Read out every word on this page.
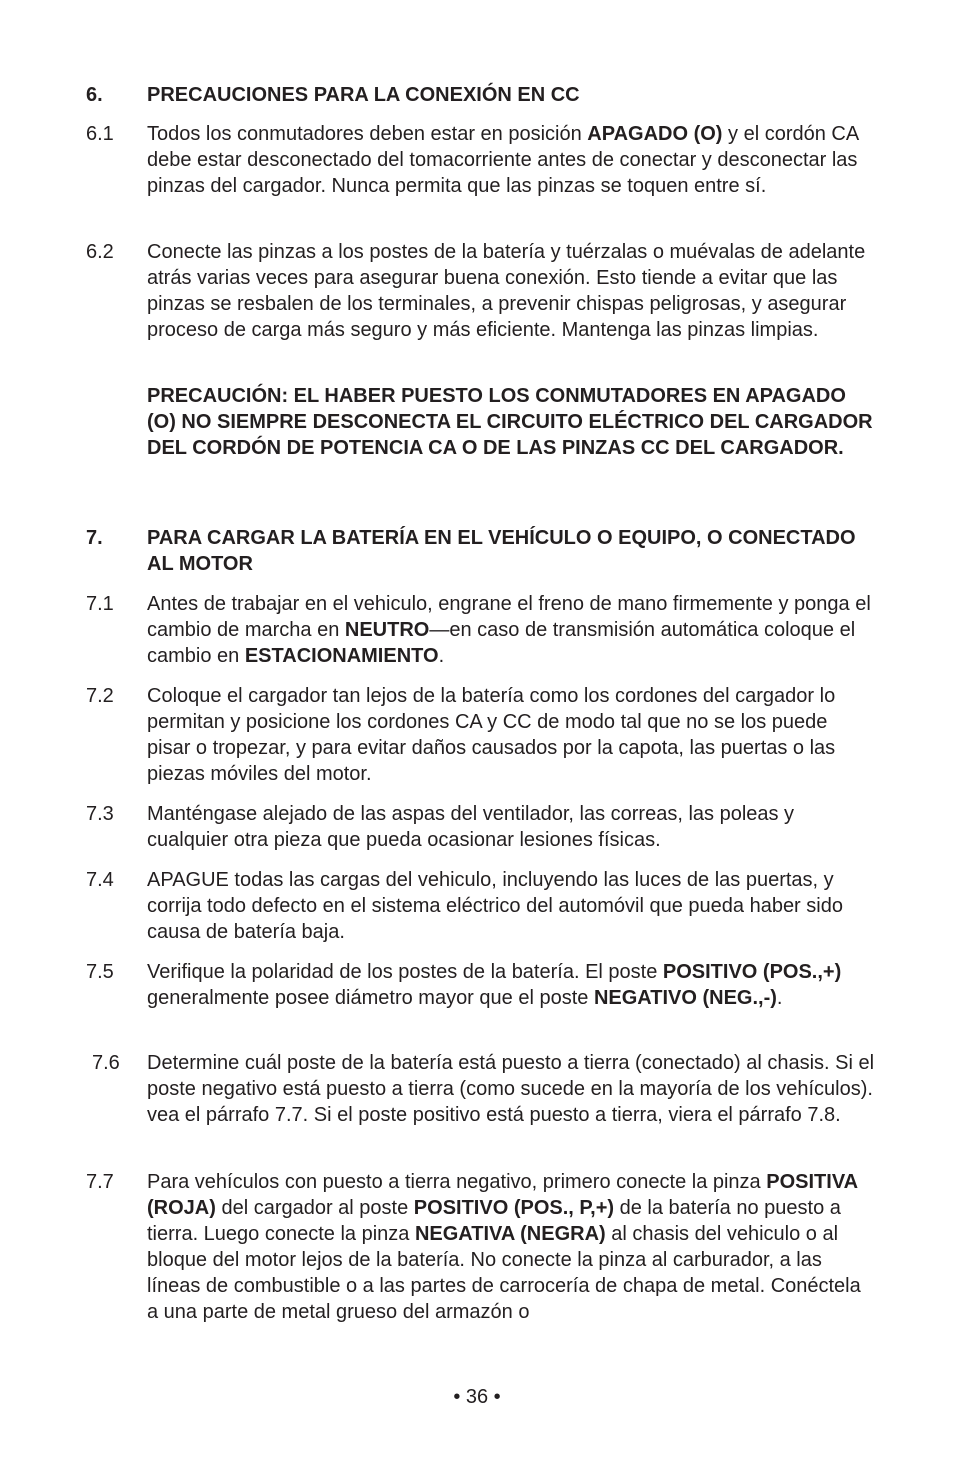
6. PRECAUCIONES PARA LA CONEXIÓN EN CC
6.1 Todos los conmutadores deben estar en posición APAGADO (O) y el cordón CA debe estar desconectado del tomacorriente antes de conectar y desconectar las pinzas del cargador. Nunca permita que las pinzas se toquen entre sí.
6.2 Conecte las pinzas a los postes de la batería y tuérzalas o muévalas de adelante atrás varias veces para asegurar buena conexión. Esto tiende a evitar que las pinzas se resbalen de los terminales, a prevenir chispas peligrosas, y asegurar proceso de carga más seguro y más eficiente. Mantenga las pinzas limpias.
PRECAUCIÓN: EL HABER PUESTO LOS CONMUTADORES EN APAGADO (O) NO SIEMPRE DESCONECTA EL CIRCUITO ELÉCTRICO DEL CARGADOR DEL CORDÓN DE POTENCIA CA O DE LAS PINZAS CC DEL CARGADOR.
7. PARA CARGAR LA BATERÍA EN EL VEHÍCULO O EQUIPO, O CONECTADO AL MOTOR
7.1 Antes de trabajar en el vehiculo, engrane el freno de mano firmemente y ponga el cambio de marcha en NEUTRO—en caso de transmisión automática coloque el cambio en ESTACIONAMIENTO.
7.2 Coloque el cargador tan lejos de la batería como los cordones del cargador lo permitan y posicione los cordones CA y CC de modo tal que no se los puede pisar o tropezar, y para evitar daños causados por la capota, las puertas o las piezas móviles del motor.
7.3 Manténgase alejado de las aspas del ventilador, las correas, las poleas y cualquier otra pieza que pueda ocasionar lesiones físicas.
7.4 APAGUE todas las cargas del vehiculo, incluyendo las luces de las puertas, y corrija todo defecto en el sistema eléctrico del automóvil que pueda haber sido causa de batería baja.
7.5 Verifique la polaridad de los postes de la batería. El poste POSITIVO (POS.,+) generalmente posee diámetro mayor que el poste NEGATIVO (NEG.,-).
7.6 Determine cuál poste de la batería está puesto a tierra (conectado) al chasis. Si el poste negativo está puesto a tierra (como sucede en la mayoría de los vehículos). vea el párrafo 7.7. Si el poste positivo está puesto a tierra, viera el párrafo 7.8.
7.7 Para vehículos con puesto a tierra negativo, primero conecte la pinza POSITIVA (ROJA) del cargador al poste POSITIVO (POS., P,+) de la batería no puesto a tierra. Luego conecte la pinza NEGATIVA (NEGRA) al chasis del vehiculo o al bloque del motor lejos de la batería. No conecte la pinza al carburador, a las líneas de combustible o a las partes de carrocería de chapa de metal. Conéctela a una parte de metal grueso del armazón o
• 36 •
